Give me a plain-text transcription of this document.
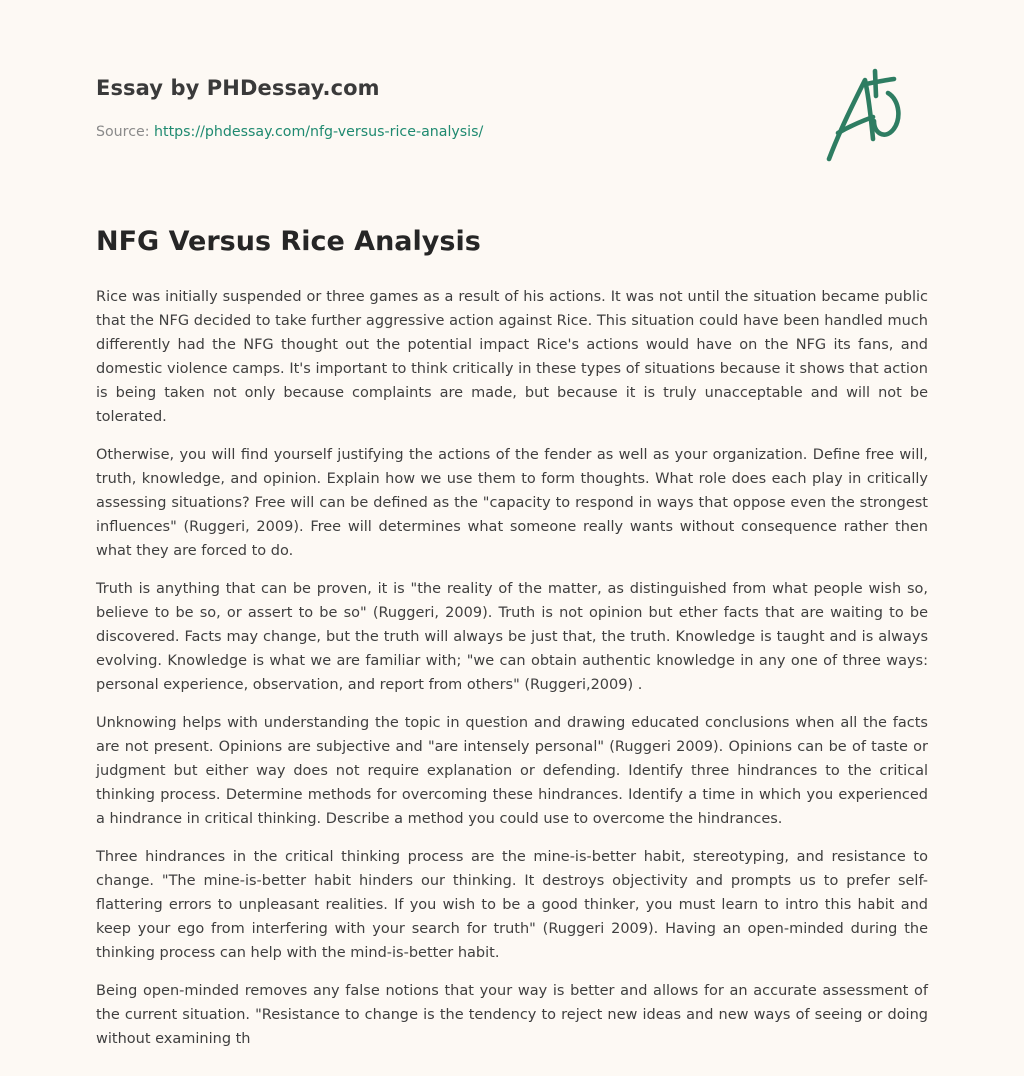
Essay by PHDessay.com
Source: https://phdessay.com/nfg-versus-rice-analysis/
NFG Versus Rice Analysis

Rice was initially suspended or three games as a result of his actions. It was not until the situation became public that the NFG decided to take further aggressive action against Rice. This situation could have been handled much differently had the NFG thought out the potential impact Rice's actions would have on the NFG its fans, and domestic violence camps. It's important to think critically in these types of situations because it shows that action is being taken not only because complaints are made, but because it is truly unacceptable and will not be tolerated.

Otherwise, you will find yourself justifying the actions of the fender as well as your organization. Define free will, truth, knowledge, and opinion. Explain how we use them to form thoughts. What role does each play in critically assessing situations? Free will can be defined as the "capacity to respond in ways that oppose even the strongest influences" (Ruggeri, 2009). Free will determines what someone really wants without consequence rather then what they are forced to do.

Truth is anything that can be proven, it is "the reality of the matter, as distinguished from what people wish so, believe to be so, or assert to be so" (Ruggeri, 2009). Truth is not opinion but ether facts that are waiting to be discovered. Facts may change, but the truth will always be just that, the truth. Knowledge is taught and is always evolving. Knowledge is what we are familiar with; "we can obtain authentic knowledge in any one of three ways: personal experience, observation, and report from others" (Ruggeri,2009) .

Unknowing helps with understanding the topic in question and drawing educated conclusions when all the facts are not present. Opinions are subjective and "are intensely personal" (Ruggeri 2009). Opinions can be of taste or judgment but either way does not require explanation or defending. Identify three hindrances to the critical thinking process. Determine methods for overcoming these hindrances. Identify a time in which you experienced a hindrance in critical thinking. Describe a method you could use to overcome the hindrances.

Three hindrances in the critical thinking process are the mine-is-better habit, stereotyping, and resistance to change. "The mine-is-better habit hinders our thinking. It destroys objectivity and prompts us to prefer self-flattering errors to unpleasant realities. If you wish to be a good thinker, you must learn to intro this habit and keep your ego from interfering with your search for truth" (Ruggeri 2009). Having an open-minded during the thinking process can help with the mind-is-better habit.

Being open-minded removes any false notions that your way is better and allows for an accurate assessment of the current situation. "Resistance to change is the tendency to reject new ideas and new ways of seeing or doing without examining th
